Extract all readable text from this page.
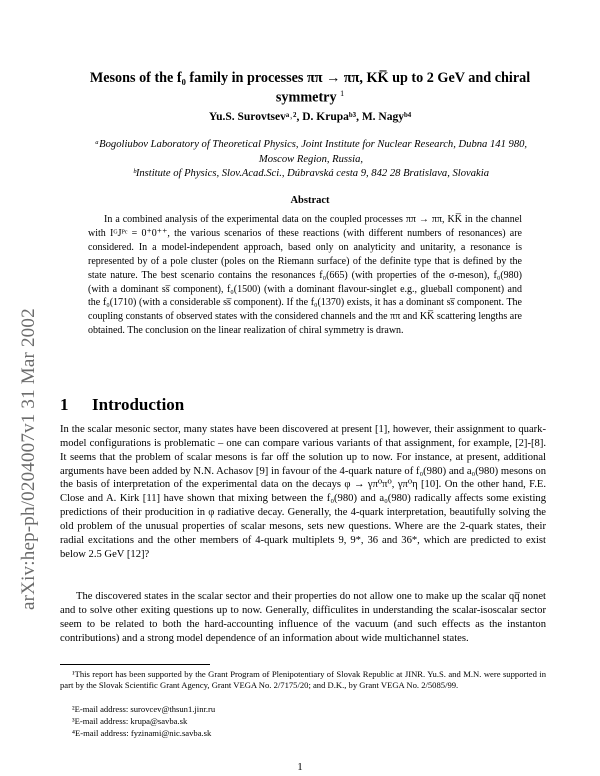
arXiv:hep-ph/0204007v1 31 Mar 2002
Mesons of the f₀ family in processes ππ → ππ, KK̅ up to 2 GeV and chiral symmetry $^1$
Yu.S. Surovtsevᵃ˒², D. Krupaᵇ³, M. Nagyᵇ⁴
ᵃBogoliubov Laboratory of Theoretical Physics, Joint Institute for Nuclear Research, Dubna 141 980, Moscow Region, Russia,
ᵇInstitute of Physics, Slov.Acad.Sci., Dúbravská cesta 9, 842 28 Bratislava, Slovakia
Abstract
In a combined analysis of the experimental data on the coupled processes ππ → ππ, KK̅ in the channel with IᴳJᴾᶜ = 0⁺0⁺⁺, the various scenarios of these reactions (with different numbers of resonances) are considered. In a model-independent approach, based only on analyticity and unitarity, a resonance is represented by of a pole cluster (poles on the Riemann surface) of the definite type that is defined by the state nature. The best scenario contains the resonances f₀(665) (with properties of the σ-meson), f₀(980) (with a dominant ss̅ component), f₀(1500) (with a dominant flavour-singlet e.g., glueball component) and the f₀(1710) (with a considerable ss̅ component). If the f₀(1370) exists, it has a dominant ss̅ component. The coupling constants of observed states with the considered channels and the ππ and KK̅ scattering lengths are obtained. The conclusion on the linear realization of chiral symmetry is drawn.
1 Introduction
In the scalar mesonic sector, many states have been discovered at present [1], however, their assignment to quark-model configurations is problematic – one can compare various variants of that assignment, for example, [2]-[8]. It seems that the problem of scalar mesons is far off the solution up to now. For instance, at present, additional arguments have been added by N.N. Achasov [9] in favour of the 4-quark nature of f₀(980) and a₀(980) mesons on the basis of interpretation of the experimental data on the decays φ → γπ⁰π⁰, γπ⁰η [10]. On the other hand, F.E. Close and A. Kirk [11] have shown that mixing between the f₀(980) and a₀(980) radically affects some existing predictions of their producition in φ radiative decay. Generally, the 4-quark interpretation, beautifully solving the old problem of the unusual properties of scalar mesons, sets new questions. Where are the 2-quark states, their radial excitations and the other members of 4-quark multiplets 9, 9*, 36 and 36*, which are predicted to exist below 2.5 GeV [12]?
The discovered states in the scalar sector and their properties do not allow one to make up the scalar qq̅ nonet and to solve other exiting questions up to now. Generally, difficulites in understanding the scalar-isoscalar sector seem to be related to both the hard-accounting influence of the vacuum (and such effects as the instanton contributions) and a strong model dependence of an information about wide multichannel states.
¹This report has been supported by the Grant Program of Plenipotentiary of Slovak Republic at JINR. Yu.S. and M.N. were supported in part by the Slovak Scientific Grant Agency, Grant VEGA No. 2/7175/20; and D.K., by Grant VEGA No. 2/5085/99.
²E-mail address: surovcev@thsun1.jinr.ru
³E-mail address: krupa@savba.sk
⁴E-mail address: fyzinami@nic.savba.sk
1
